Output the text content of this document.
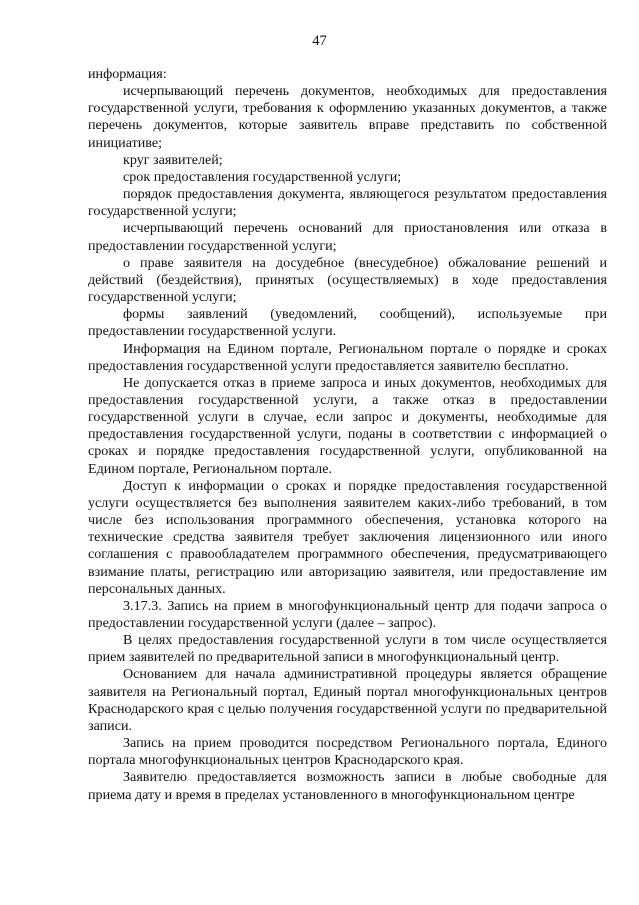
47

информация:

исчерпывающий перечень документов, необходимых для предоставления государственной услуги, требования к оформлению указанных документов, а также перечень документов, которые заявитель вправе представить по собственной инициативе;

круг заявителей;

срок предоставления государственной услуги;

порядок предоставления документа, являющегося результатом предоставления государственной услуги;

исчерпывающий перечень оснований для приостановления или отказа в предоставлении государственной услуги;

о праве заявителя на досудебное (внесудебное) обжалование решений и действий (бездействия), принятых (осуществляемых) в ходе предоставления государственной услуги;

формы заявлений (уведомлений, сообщений), используемые при предоставлении государственной услуги.

Информация на Едином портале, Региональном портале о порядке и сроках предоставления государственной услуги предоставляется заявителю бесплатно.

Не допускается отказ в приеме запроса и иных документов, необходимых для предоставления государственной услуги, а также отказ в предоставлении государственной услуги в случае, если запрос и документы, необходимые для предоставления государственной услуги, поданы в соответствии с информацией о сроках и порядке предоставления государственной услуги, опубликованной на Едином портале, Региональном портале.

Доступ к информации о сроках и порядке предоставления государственной услуги осуществляется без выполнения заявителем каких-либо требований, в том числе без использования программного обеспечения, установка которого на технические средства заявителя требует заключения лицензионного или иного соглашения с правообладателем программного обеспечения, предусматривающего взимание платы, регистрацию или авторизацию заявителя, или предоставление им персональных данных.

3.17.3. Запись на прием в многофункциональный центр для подачи запроса о предоставлении государственной услуги (далее – запрос).

В целях предоставления государственной услуги в том числе осуществляется прием заявителей по предварительной записи в многофункциональный центр.

Основанием для начала административной процедуры является обращение заявителя на Региональный портал, Единый портал многофункциональных центров Краснодарского края с целью получения государственной услуги по предварительной записи.

Запись на прием проводится посредством Регионального портала, Единого портала многофункциональных центров Краснодарского края.

Заявителю предоставляется возможность записи в любые свободные для приема дату и время в пределах установленного в многофункциональном центре
